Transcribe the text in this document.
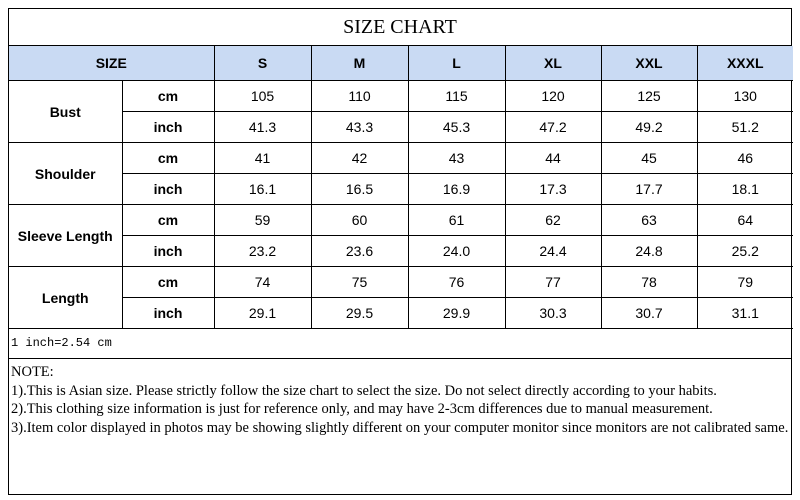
SIZE CHART
SIZE		S	M	L	XL	XXL	XXXL
Bust	cm	105	110	115	120	125	130
	inch	41.3	43.3	45.3	47.2	49.2	51.2
Shoulder	cm	41	42	43	44	45	46
	inch	16.1	16.5	16.9	17.3	17.7	18.1
Sleeve Length	cm	59	60	61	62	63	64
	inch	23.2	23.6	24.0	24.4	24.8	25.2
Length	cm	74	75	76	77	78	79
	inch	29.1	29.5	29.9	30.3	30.7	31.1
1 inch=2.54 cm
NOTE:
1).This is Asian size. Please strictly follow the size chart to select the size. Do not select directly according to your habits.
2).This clothing size information is just for reference only, and may have 2-3cm differences due to manual measurement.
3).Item color displayed in photos may be showing slightly different on your computer monitor since monitors are not calibrated same.
